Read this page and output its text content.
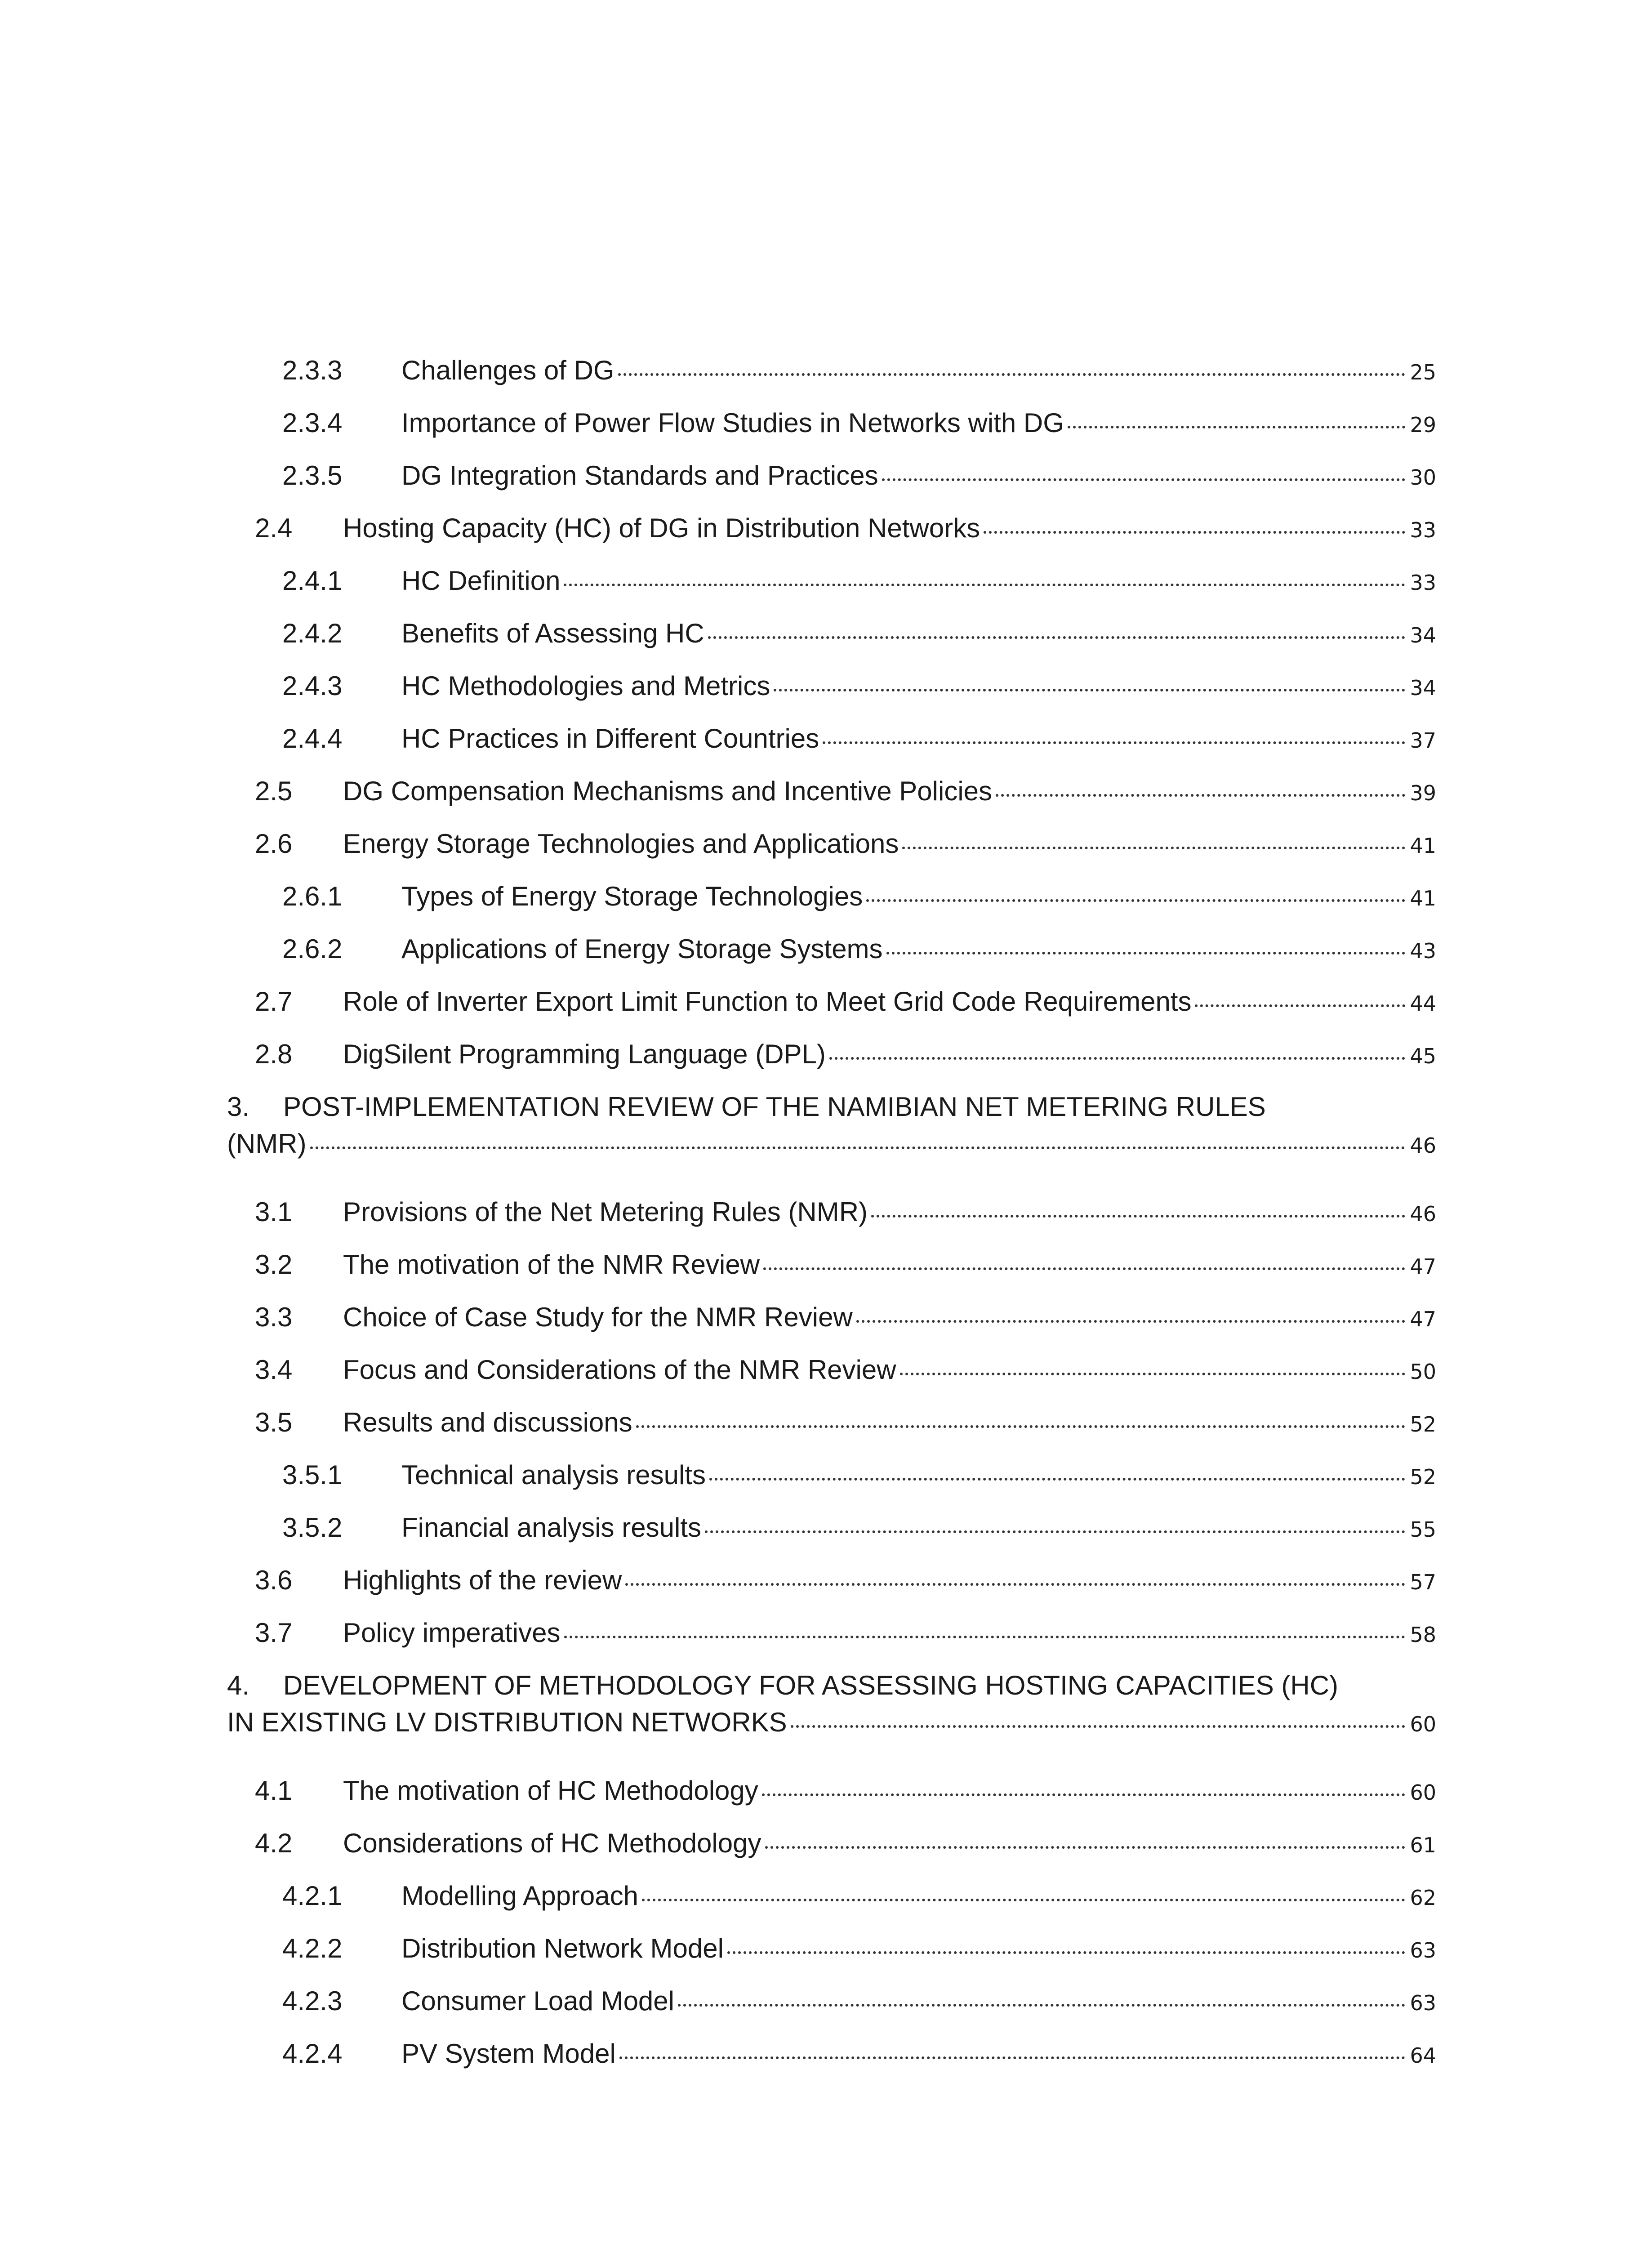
2.3.3 Challenges of DG	25
2.3.4 Importance of Power Flow Studies in Networks with DG	29
2.3.5 DG Integration Standards and Practices	30
2.4 Hosting Capacity (HC) of DG in Distribution Networks	33
2.4.1 HC Definition	33
2.4.2 Benefits of Assessing HC	34
2.4.3 HC Methodologies and Metrics	34
2.4.4 HC Practices in Different Countries	37
2.5 DG Compensation Mechanisms and Incentive Policies	39
2.6 Energy Storage Technologies and Applications	41
2.6.1 Types of Energy Storage Technologies	41
2.6.2 Applications of Energy Storage Systems	43
2.7 Role of Inverter Export Limit Function to Meet Grid Code Requirements	44
2.8 DigSilent Programming Language (DPL)	45
3. POST-IMPLEMENTATION REVIEW OF THE NAMIBIAN NET METERING RULES
(NMR)	46
3.1 Provisions of the Net Metering Rules (NMR)	46
3.2 The motivation of the NMR Review	47
3.3 Choice of Case Study for the NMR Review	47
3.4 Focus and Considerations of the NMR Review	50
3.5 Results and discussions	52
3.5.1 Technical analysis results	52
3.5.2 Financial analysis results	55
3.6 Highlights of the review	57
3.7 Policy imperatives	58
4. DEVELOPMENT OF METHODOLOGY FOR ASSESSING HOSTING CAPACITIES (HC)
IN EXISTING LV DISTRIBUTION NETWORKS	60
4.1 The motivation of HC Methodology	60
4.2 Considerations of HC Methodology	61
4.2.1 Modelling Approach	62
4.2.2 Distribution Network Model	63
4.2.3 Consumer Load Model	63
4.2.4 PV System Model	64
